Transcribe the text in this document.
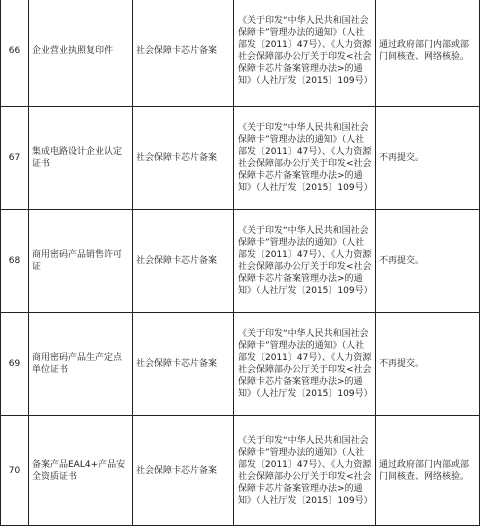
66	企业营业执照复印件	社会保障卡芯片备案	《关于印发“中华人民共和国社会保障卡”管理办法的通知》（人社部发〔2011〕47号）、《人力资源社会保障部办公厅关于印发<社会保障卡芯片备案管理办法>的通知》（人社厅发〔2015〕109号）	通过政府部门内部或部门间核查、网络核验。
67	集成电路设计企业认定证书	社会保障卡芯片备案	《关于印发“中华人民共和国社会保障卡”管理办法的通知》（人社部发〔2011〕47号）、《人力资源社会保障部办公厅关于印发<社会保障卡芯片备案管理办法>的通知》（人社厅发〔2015〕109号）	不再提交。
68	商用密码产品销售许可证	社会保障卡芯片备案	《关于印发“中华人民共和国社会保障卡”管理办法的通知》（人社部发〔2011〕47号）、《人力资源社会保障部办公厅关于印发<社会保障卡芯片备案管理办法>的通知》（人社厅发〔2015〕109号）	不再提交。
69	商用密码产品生产定点单位证书	社会保障卡芯片备案	《关于印发“中华人民共和国社会保障卡”管理办法的通知》（人社部发〔2011〕47号）、《人力资源社会保障部办公厅关于印发<社会保障卡芯片备案管理办法>的通知》（人社厅发〔2015〕109号）	不再提交。
70	备案产品EAL4+产品安全资质证书	社会保障卡芯片备案	《关于印发“中华人民共和国社会保障卡”管理办法的通知》（人社部发〔2011〕47号）、《人力资源社会保障部办公厅关于印发<社会保障卡芯片备案管理办法>的通知》（人社厅发〔2015〕109号）	通过政府部门内部或部门间核查、网络核验。
